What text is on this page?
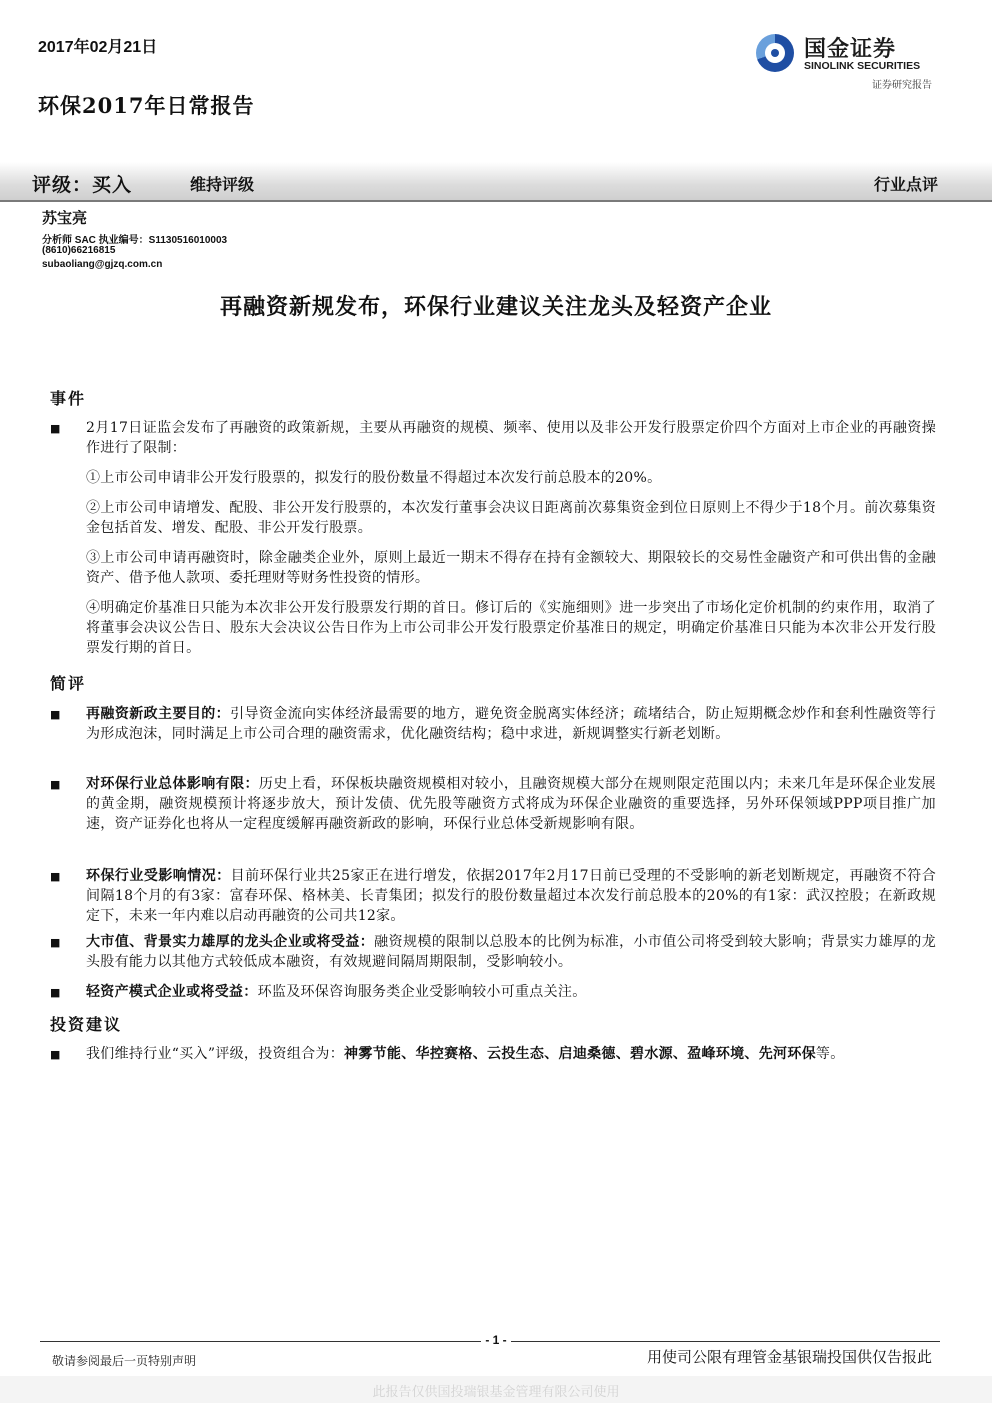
2017年02月21日
环保2017年日常报告
国金证券
SINOLINK SECURITIES
证券研究报告
评级：买入	维持评级	行业点评
苏宝亮
分析师 SAC 执业编号：S1130516010003
(8610)66216815
subaoliang@gjzq.com.cn
再融资新规发布，环保行业建议关注龙头及轻资产企业
事件
■ 2月17日证监会发布了再融资的政策新规，主要从再融资的规模、频率、使用以及非公开发行股票定价四个方面对上市企业的再融资操作进行了限制：
①上市公司申请非公开发行股票的，拟发行的股份数量不得超过本次发行前总股本的20%。
②上市公司申请增发、配股、非公开发行股票的，本次发行董事会决议日距离前次募集资金到位日原则上不得少于18个月。前次募集资金包括首发、增发、配股、非公开发行股票。
③上市公司申请再融资时，除金融类企业外，原则上最近一期末不得存在持有金额较大、期限较长的交易性金融资产和可供出售的金融资产、借予他人款项、委托理财等财务性投资的情形。
④明确定价基准日只能为本次非公开发行股票发行期的首日。修订后的《实施细则》进一步突出了市场化定价机制的约束作用，取消了将董事会决议公告日、股东大会决议公告日作为上市公司非公开发行股票定价基准日的规定，明确定价基准日只能为本次非公开发行股票发行期的首日。
简评
■ 再融资新政主要目的：引导资金流向实体经济最需要的地方，避免资金脱离实体经济；疏堵结合，防止短期概念炒作和套利性融资等行为形成泡沫，同时满足上市公司合理的融资需求，优化融资结构；稳中求进，新规调整实行新老划断。
■ 对环保行业总体影响有限：历史上看，环保板块融资规模相对较小，且融资规模大部分在规则限定范围以内；未来几年是环保企业发展的黄金期，融资规模预计将逐步放大，预计发债、优先股等融资方式将成为环保企业融资的重要选择，另外环保领域PPP项目推广加速，资产证券化也将从一定程度缓解再融资新政的影响，环保行业总体受新规影响有限。
■ 环保行业受影响情况：目前环保行业共25家正在进行增发，依据2017年2月17日前已受理的不受影响的新老划断规定，再融资不符合间隔18个月的有3家：富春环保、格林美、长青集团；拟发行的股份数量超过本次发行前总股本的20%的有1家：武汉控股；在新政规定下，未来一年内难以启动再融资的公司共12家。
■ 大市值、背景实力雄厚的龙头企业或将受益：融资规模的限制以总股本的比例为标准，小市值公司将受到较大影响；背景实力雄厚的龙头股有能力以其他方式较低成本融资，有效规避间隔周期限制，受影响较小。
■ 轻资产模式企业或将受益：环监及环保咨询服务类企业受影响较小可重点关注。
投资建议
■ 我们维持行业“买入”评级，投资组合为：神雾节能、华控赛格、云投生态、启迪桑德、碧水源、盈峰环境、先河环保等。
- 1 -
敬请参阅最后一页特别声明	用使司公限有理管金基银瑞投国供仅告报此
此报告仅供国投瑞银基金管理有限公司使用
